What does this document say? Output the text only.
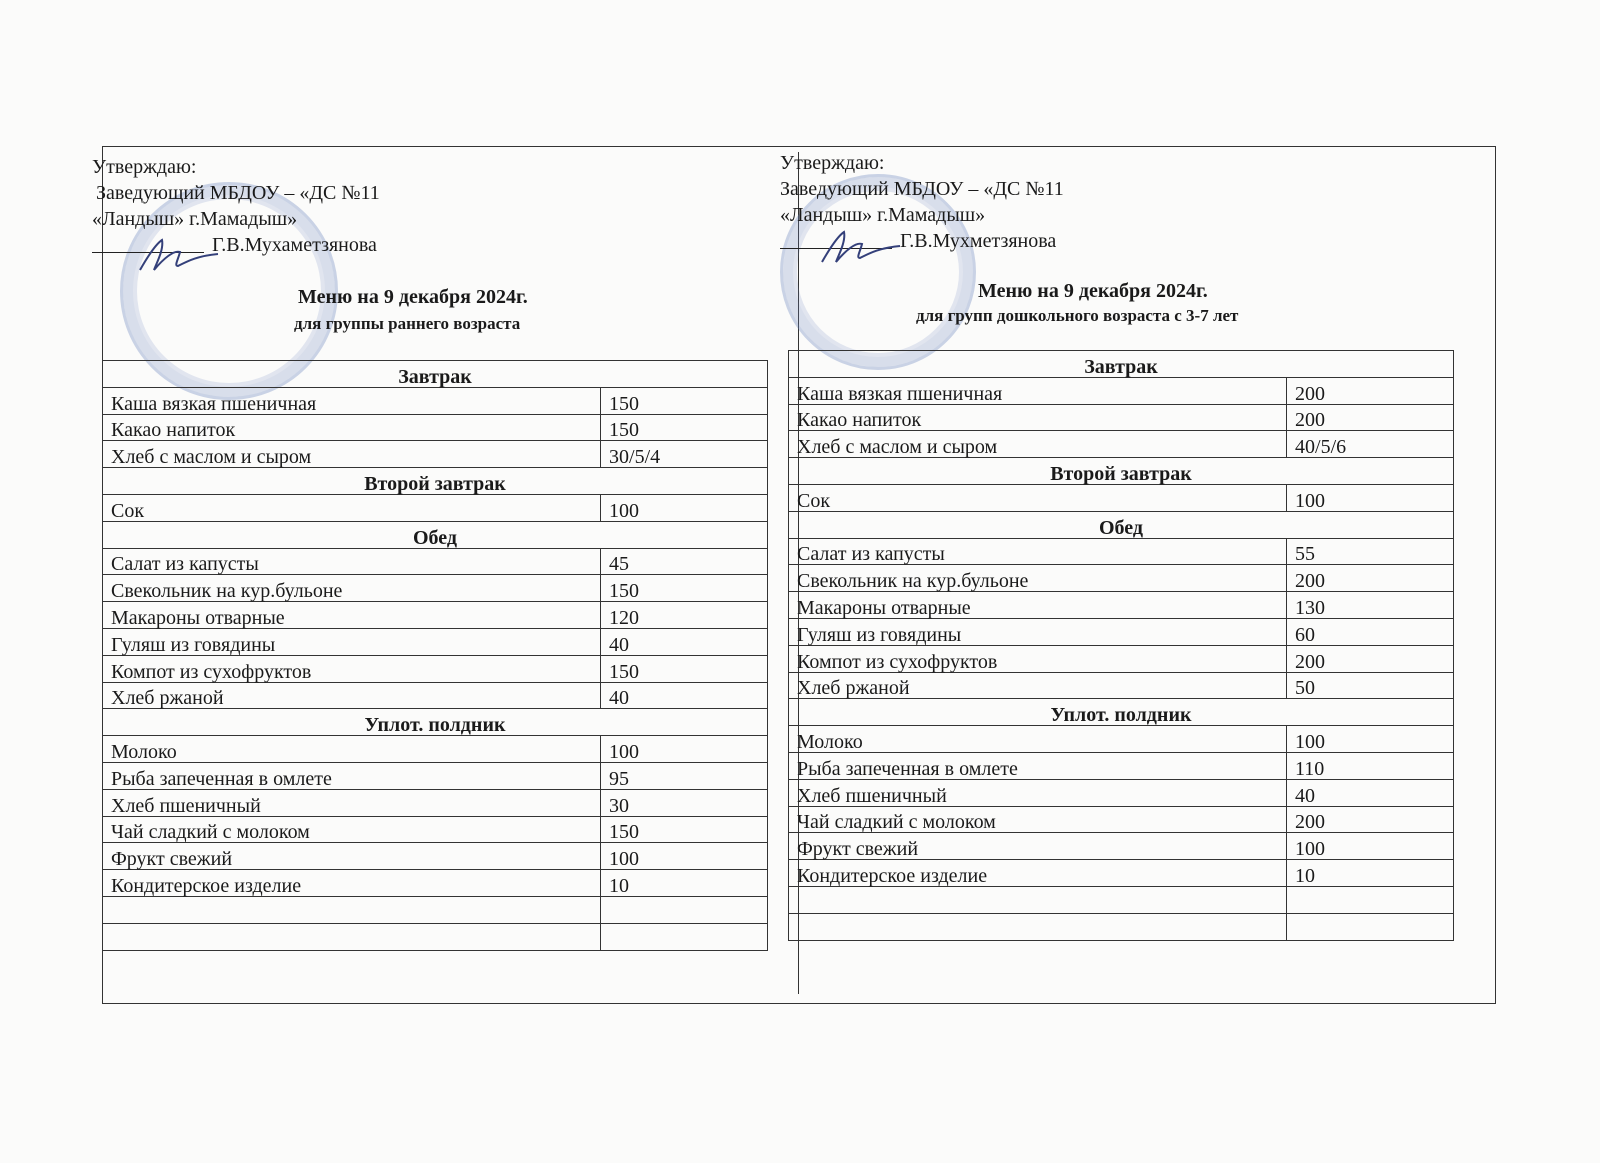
Утверждаю:
Заведующий МБДОУ – «ДС №11
«Ландыш» г.Мамадыш»
Г.В.Мухаметзянова
Меню на 9 декабря 2024г.
для группы раннего возраста
Завтрак	
Каша вязкая пшеничная	150
Какао напиток	150
Хлеб с маслом и сыром	30/5/4
Второй завтрак	
Сок	100
Обед	
Салат из капусты	45
Свекольник на кур.бульоне	150
Макароны отварные	120
Гуляш из говядины	40
Компот из сухофруктов	150
Хлеб ржаной	40
Уплот. полдник	
Молоко	100
Рыба запеченная в омлете	95
Хлеб пшеничный	30
Чай сладкий с молоком	150
Фрукт свежий	100
Кондитерское изделие	10

Утверждаю:
Заведующий МБДОУ – «ДС №11
«Ландыш» г.Мамадыш»
Г.В.Мухметзянова
Меню на 9 декабря 2024г.
для групп дошкольного возраста с 3-7 лет
Завтрак	
Каша вязкая пшеничная	200
Какао напиток	200
Хлеб с маслом и сыром	40/5/6
Второй завтрак	
Сок	100
Обед	
Салат из капусты	55
Свекольник на кур.бульоне	200
Макароны отварные	130
Гуляш из говядины	60
Компот из сухофруктов	200
Хлеб ржаной	50
Уплот. полдник	
Молоко	100
Рыба запеченная в омлете	110
Хлеб пшеничный	40
Чай сладкий с молоком	200
Фрукт свежий	100
Кондитерское изделие	10
